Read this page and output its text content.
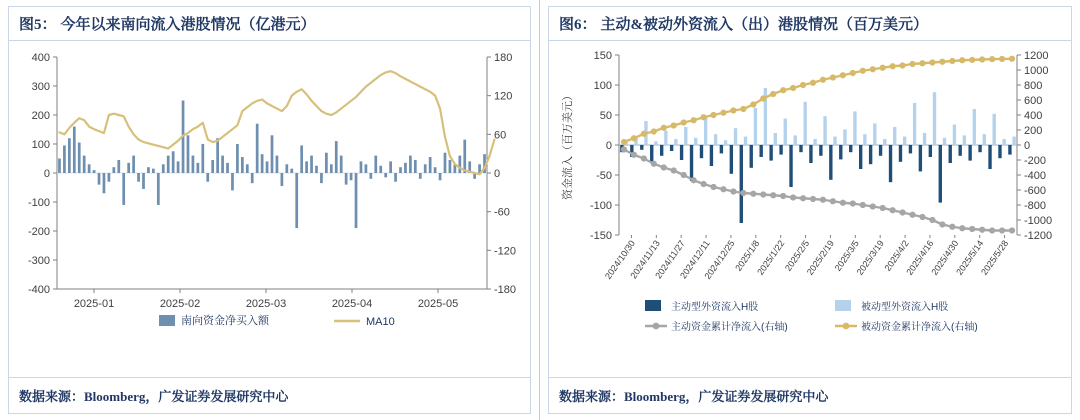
图5： 今年以来南向流入港股情况（亿港元）
-400
-300
-200
-100
0
100
200
300
400
-180
-120
-60
0
60
120
180
2025-01	2025-02	2025-03	2025-04	2025-05
南向资金净买入额	MA10
数据来源：Bloomberg，广发证券发展研究中心
图6： 主动&被动外资流入（出）港股情况（百万美元）
-150
-100
-50
0
50
100
150
-1200
-1000
-800
-600
-400
-200
0
200
400
600
800
1000
1200
资金流入（百万美元）
2024/10/30
2024/11/13
2024/11/27
2024/12/11
2024/12/25
2025/1/8
2025/1/22
2025/2/5
2025/2/19
2025/3/5
2025/3/19
2025/4/2
2025/4/16
2025/4/30
2025/5/14
2025/5/28
主动型外资流入H股	被动型外资流入H股
主动资金累计净流入(右轴)	被动资金累计净流入(右轴)
数据来源：Bloomberg，广发证券发展研究中心
